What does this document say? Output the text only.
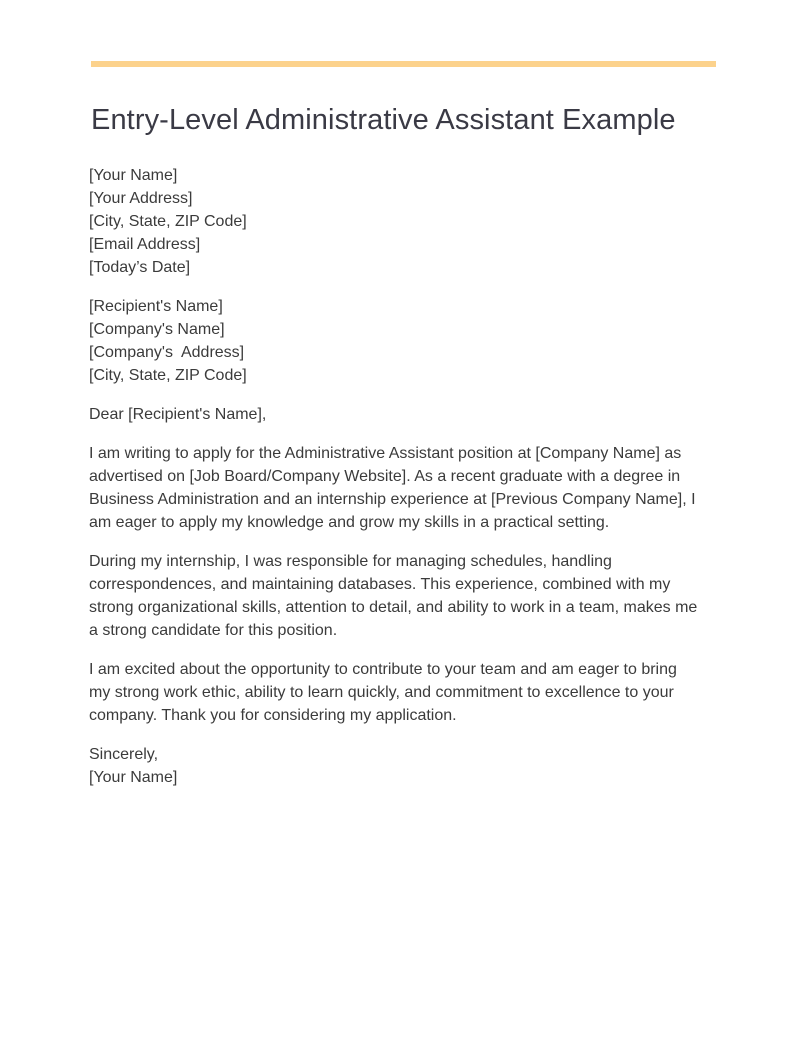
Entry-Level Administrative Assistant Example
[Your Name]
[Your Address]
[City, State, ZIP Code]
[Email Address]
[Today’s Date]
[Recipient's Name]
[Company's Name]
[Company's  Address]
[City, State, ZIP Code]

Dear [Recipient's Name],

I am writing to apply for the Administrative Assistant position at [Company Name] as advertised on [Job Board/Company Website]. As a recent graduate with a degree in Business Administration and an internship experience at [Previous Company Name], I am eager to apply my knowledge and grow my skills in a practical setting.

During my internship, I was responsible for managing schedules, handling correspondences, and maintaining databases. This experience, combined with my strong organizational skills, attention to detail, and ability to work in a team, makes me a strong candidate for this position.

I am excited about the opportunity to contribute to your team and am eager to bring my strong work ethic, ability to learn quickly, and commitment to excellence to your company. Thank you for considering my application.

Sincerely,
[Your Name]
